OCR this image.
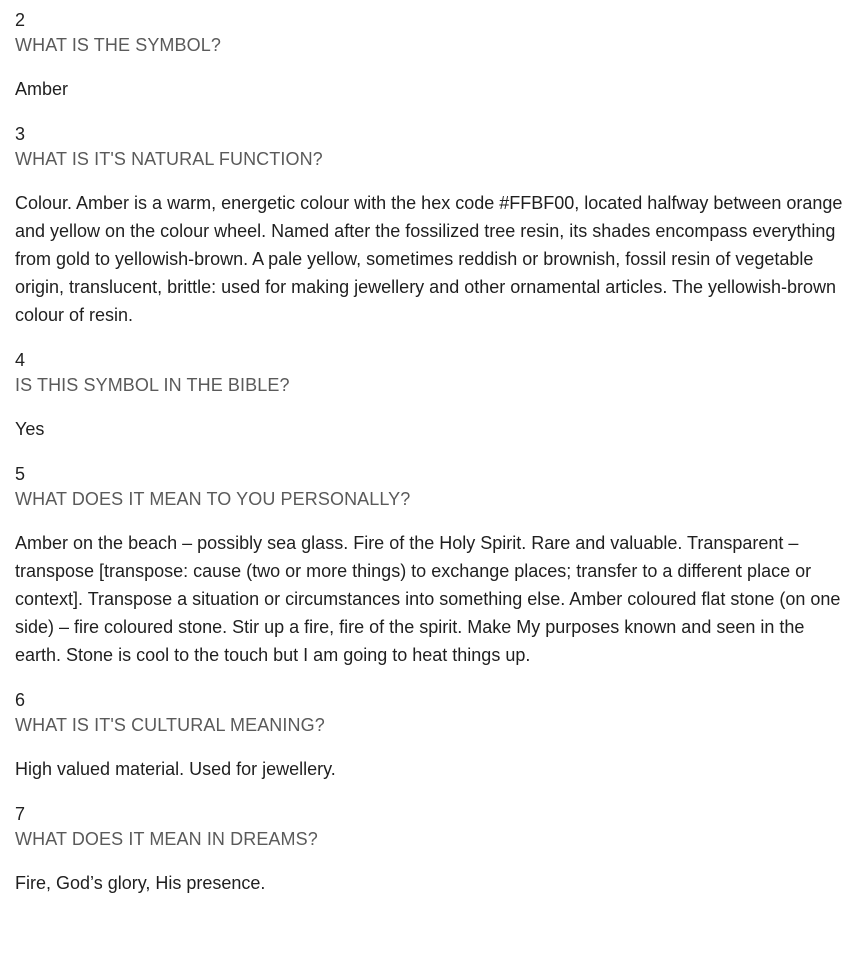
2
WHAT IS THE SYMBOL?
Amber
3
WHAT IS IT'S NATURAL FUNCTION?
Colour. Amber is a warm, energetic colour with the hex code #FFBF00, located halfway between orange and yellow on the colour wheel. Named after the fossilized tree resin, its shades encompass everything from gold to yellowish-brown. A pale yellow, sometimes reddish or brownish, fossil resin of vegetable origin, translucent, brittle: used for making jewellery and other ornamental articles. The yellowish-brown colour of resin.
4
IS THIS SYMBOL IN THE BIBLE?
Yes
5
WHAT DOES IT MEAN TO YOU PERSONALLY?
Amber on the beach – possibly sea glass. Fire of the Holy Spirit. Rare and valuable. Transparent – transpose [transpose: cause (two or more things) to exchange places; transfer to a different place or context]. Transpose a situation or circumstances into something else. Amber coloured flat stone (on one side) – fire coloured stone. Stir up a fire, fire of the spirit. Make My purposes known and seen in the earth. Stone is cool to the touch but I am going to heat things up.
6
WHAT IS IT'S CULTURAL MEANING?
High valued material. Used for jewellery.
7
WHAT DOES IT MEAN IN DREAMS?
Fire, God’s glory, His presence.
